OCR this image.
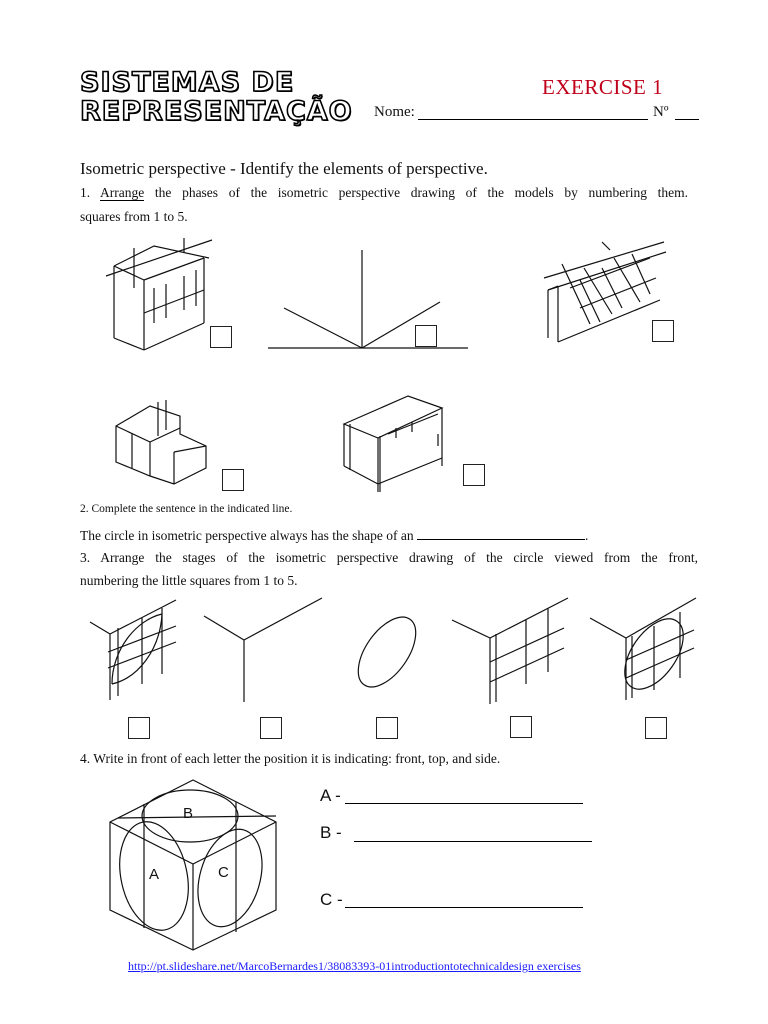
SISTEMAS DE
REPRESENTAÇÃO
EXERCISE 1
Nome:	Nº
Isometric perspective - Identify the elements of perspective.
1. Arrange the phases of the isometric perspective drawing of the models by numbering them.
squares from 1 to 5.
2. Complete the sentence in the indicated line.
The circle in isometric perspective always has the shape of an	.
3. Arrange the stages of the isometric perspective drawing of the circle viewed from the front,
numbering the little squares from 1 to 5.
4. Write in front of each letter the position it is indicating: front, top, and side.
B
A	C
A -
B -
C -
http://pt.slideshare.net/MarcoBernardes1/38083393-01introductiontotechnicaldesign exercises
